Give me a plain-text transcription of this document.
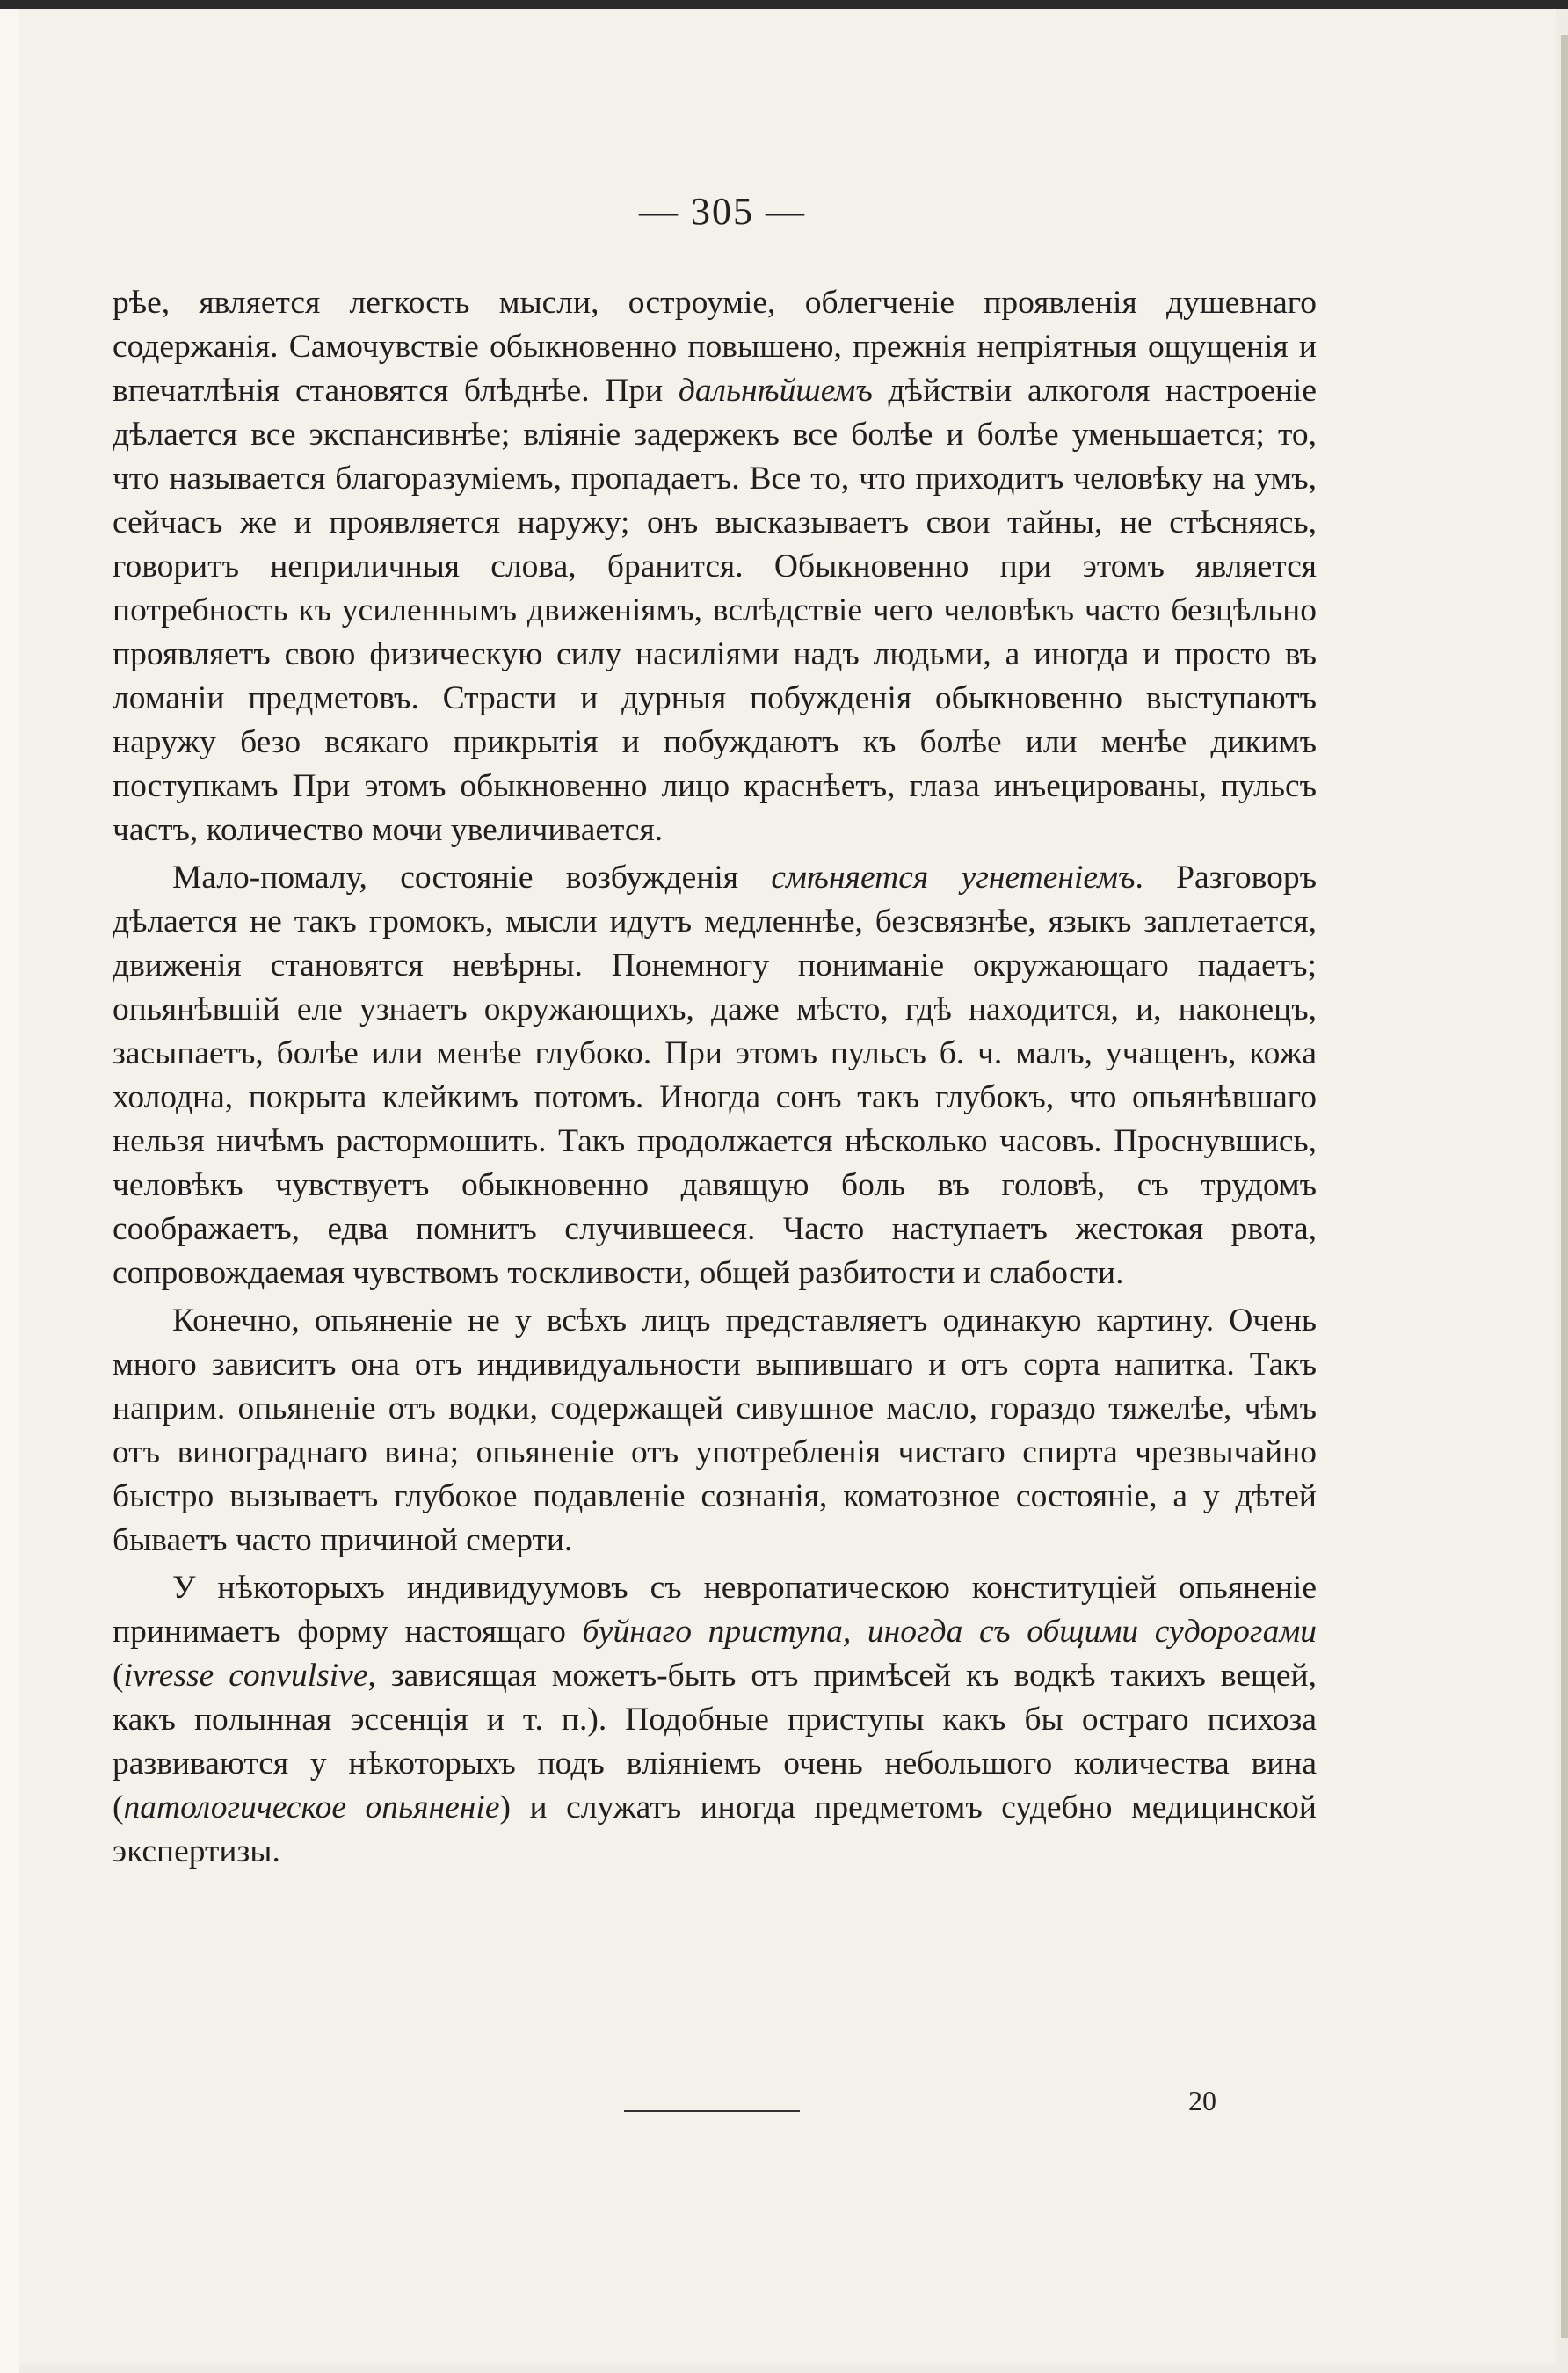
— 305 —

рѣе, является легкость мысли, остроуміе, облегченіе проявленія душевнаго содержанія. Самочувствіе обыкновенно повышено, прежнія непріятныя ощущенія и впечатлѣнія становятся блѣднѣе. При дальнѣйшемъ дѣйствіи алкоголя настроеніе дѣлается все экспансивнѣе; вліяніе задержекъ все болѣе и болѣе уменьшается; то, что называется благоразуміемъ, пропадаетъ. Все то, что приходитъ человѣку на умъ, сейчасъ же и проявляется наружу; онъ высказываетъ свои тайны, не стѣсняясь, говоритъ неприличныя слова, бранится. Обыкновенно при этомъ является потребность къ усиленнымъ движеніямъ, вслѣдствіе чего человѣкъ часто безцѣльно проявляетъ свою физическую силу насиліями надъ людьми, а иногда и просто въ ломаніи предметовъ. Страсти и дурныя побужденія обыкновенно выступаютъ наружу безо всякаго прикрытія и побуждаютъ къ болѣе или менѣе дикимъ поступкамъ При этомъ обыкновенно лицо краснѣетъ, глаза инъецированы, пульсъ частъ, количество мочи увеличивается.

Мало-помалу, состояніе возбужденія смѣняется угнетеніемъ. Разговоръ дѣлается не такъ громокъ, мысли идутъ медленнѣе, безсвязнѣе, языкъ заплетается, движенія становятся невѣрны. Понемногу пониманіе окружающаго падаетъ; опьянѣвшій еле узнаетъ окружающихъ, даже мѣсто, гдѣ находится, и, наконецъ, засыпаетъ, болѣе или менѣе глубоко. При этомъ пульсъ б. ч. малъ, учащенъ, кожа холодна, покрыта клейкимъ потомъ. Иногда сонъ такъ глубокъ, что опьянѣвшаго нельзя ничѣмъ растормошить. Такъ продолжается нѣсколько часовъ. Проснувшись, человѣкъ чувствуетъ обыкновенно давящую боль въ головѣ, съ трудомъ соображаетъ, едва помнитъ случившееся. Часто наступаетъ жестокая рвота, сопровождаемая чувствомъ тоскливости, общей разбитости и слабости.

Конечно, опьяненіе не у всѣхъ лицъ представляетъ одинакую картину. Очень много зависитъ она отъ индивидуальности выпившаго и отъ сорта напитка. Такъ наприм. опьяненіе отъ водки, содержащей сивушное масло, гораздо тяжелѣе, чѣмъ отъ винограднаго вина; опьяненіе отъ употребленія чистаго спирта чрезвычайно быстро вызываетъ глубокое подавленіе сознанія, коматозное состояніе, а у дѣтей бываетъ часто причиной смерти.

У нѣкоторыхъ индивидуумовъ съ невропатическою конституціей опьяненіе принимаетъ форму настоящаго буйнаго приступа, иногда съ общими судорогами (ivresse convulsive, зависящая можетъ-быть отъ примѣсей къ водкѣ такихъ вещей, какъ полынная эссенція и т. п.). Подобные приступы какъ бы остраго психоза развиваются у нѣкоторыхъ подъ вліяніемъ очень небольшого количества вина (патологическое опьяненіе) и служатъ иногда предметомъ судебно медицинской экспертизы.

20
